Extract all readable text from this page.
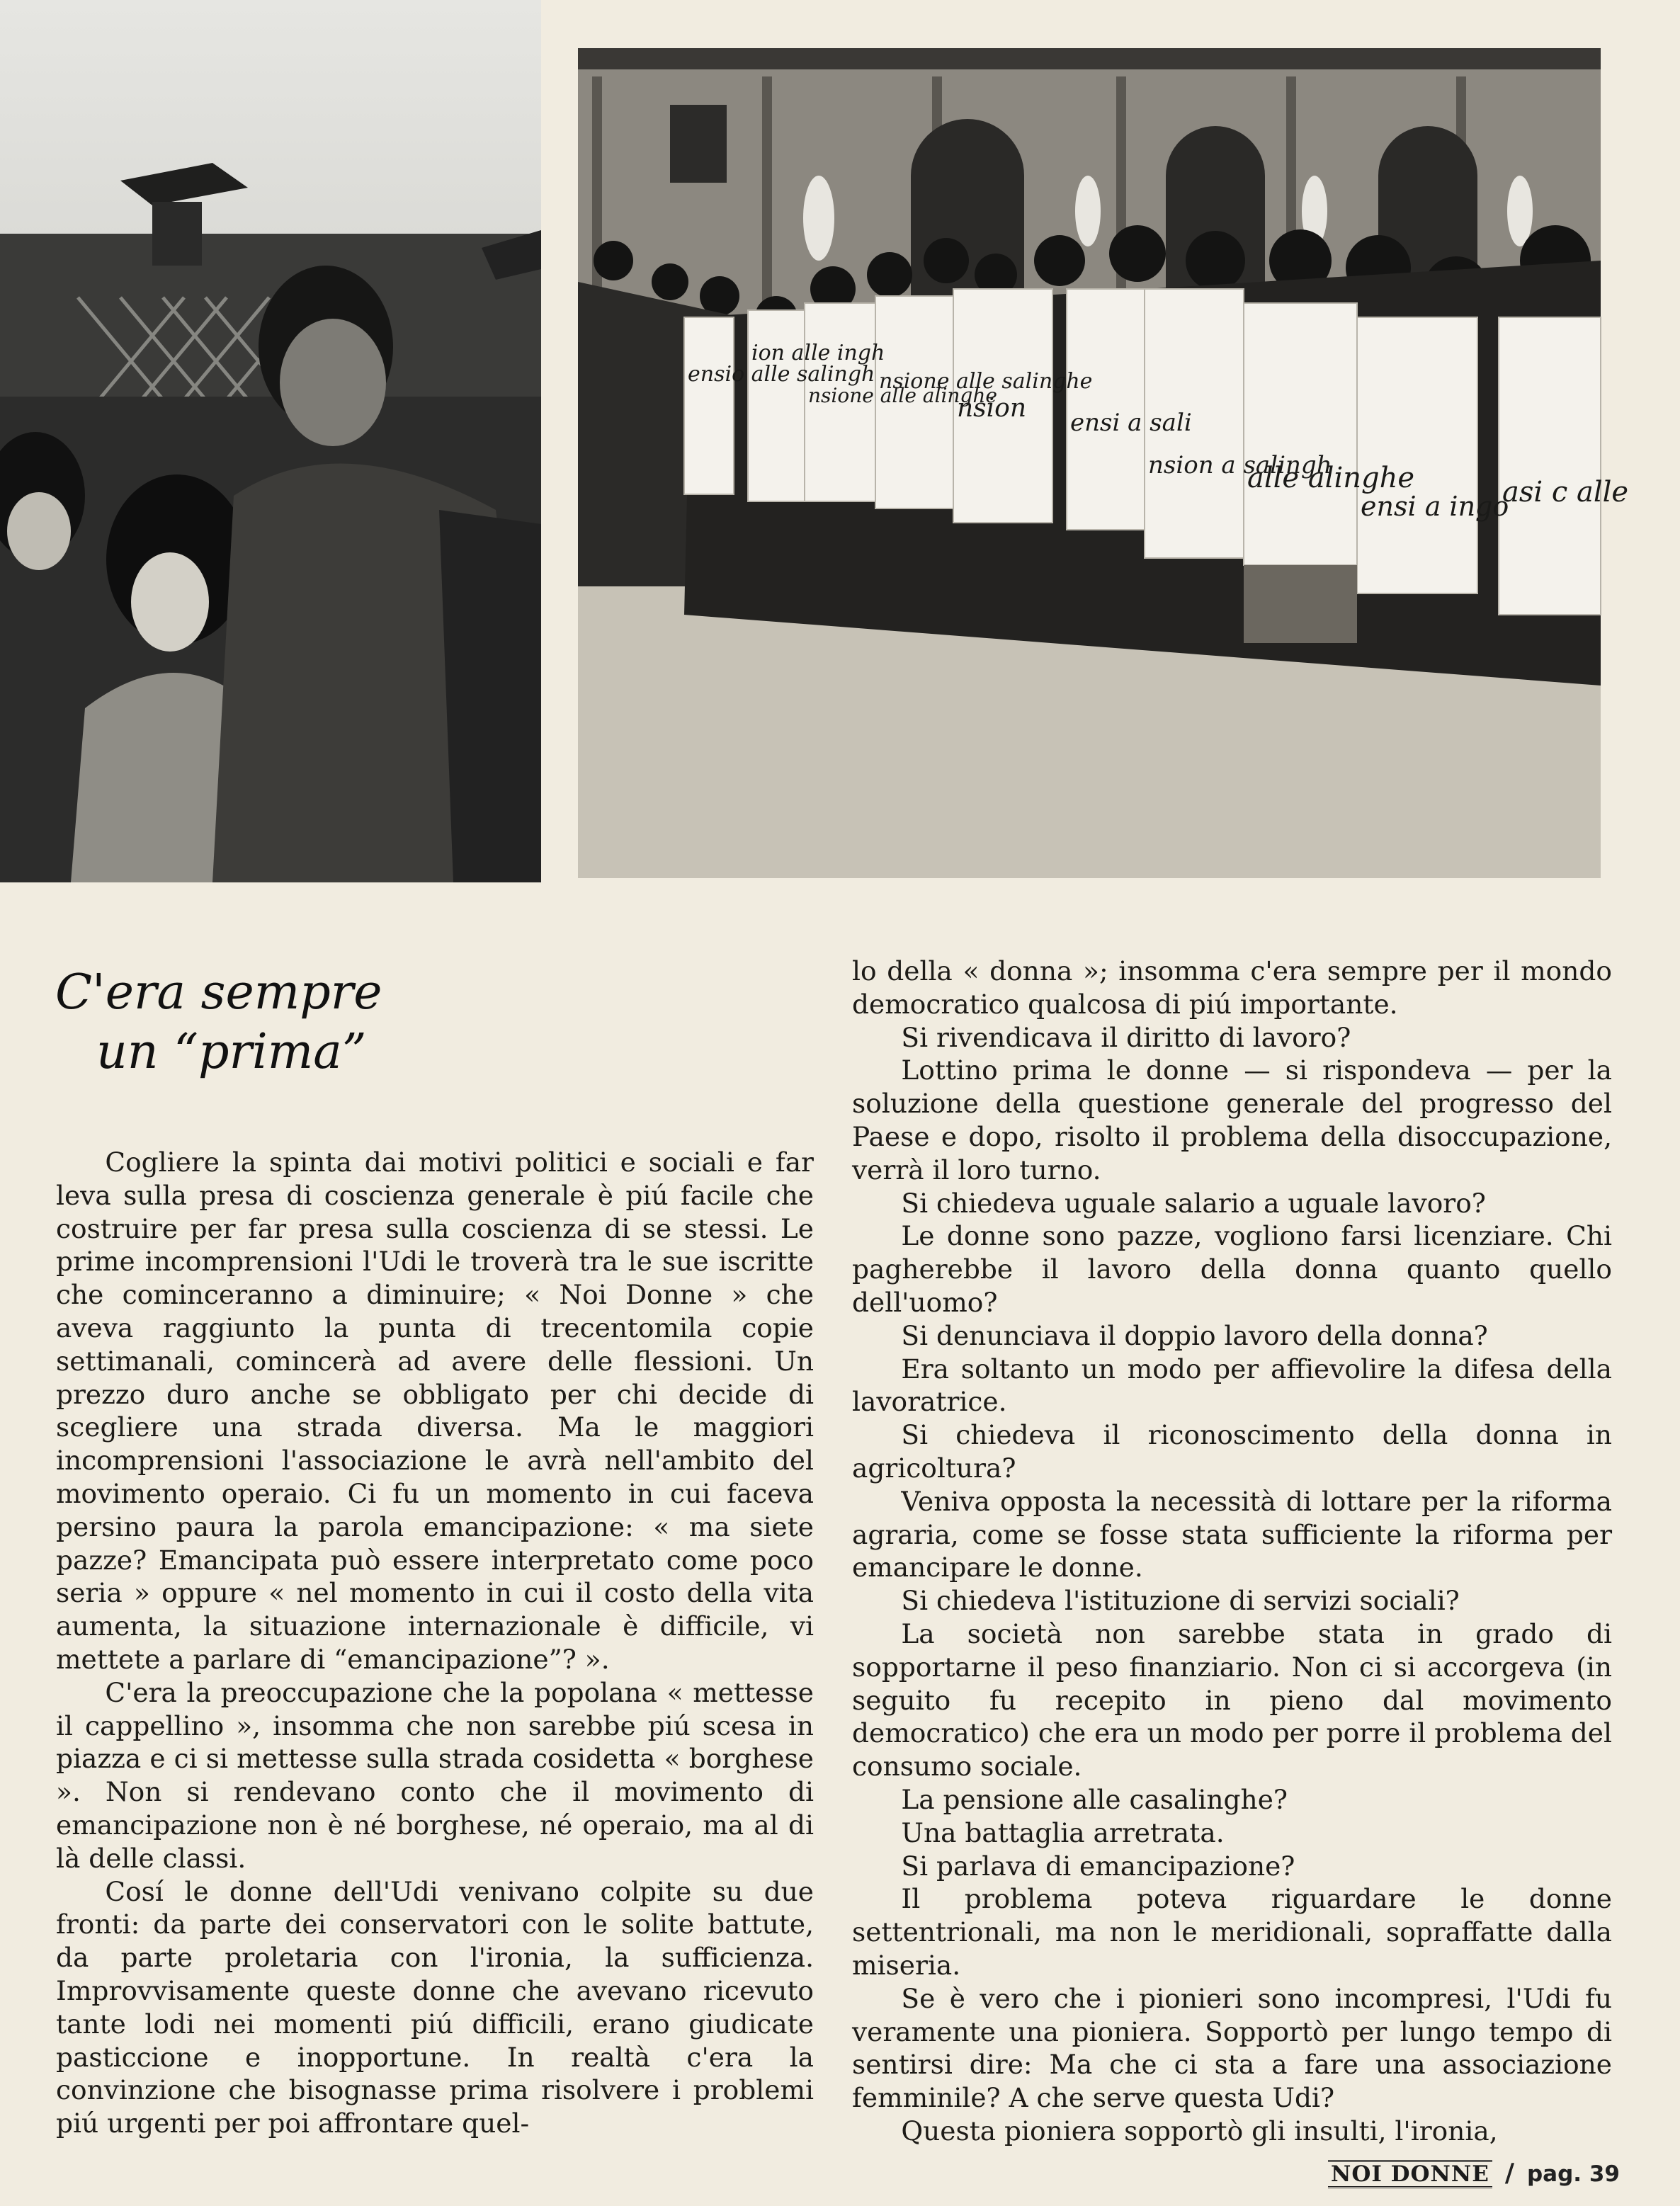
ensio alle salingh
ion alle ingh
nsione alle alinghe
nsione alle salinghe
nsion ensi a sali
nsion a salingh
alle alinghe
ensi a ingo
asi c alle
C'era sempre
un “prima”

Cogliere la spinta dai motivi politici e sociali e far leva sulla presa di coscienza generale è piú facile che costruire per far presa sulla coscienza di se stessi. Le prime incomprensioni l'Udi le troverà tra le sue iscritte che cominceranno a diminuire; « Noi Donne » che aveva raggiunto la punta di trecentomila copie settimanali, comincerà ad avere delle flessioni. Un prezzo duro anche se obbligato per chi decide di scegliere una strada diversa. Ma le maggiori incomprensioni l'associazione le avrà nell'ambito del movimento operaio. Ci fu un momento in cui faceva persino paura la parola emancipazione: « ma siete pazze? Emancipata può essere interpretato come poco seria » oppure « nel momento in cui il costo della vita aumenta, la situazione internazionale è difficile, vi mettete a parlare di “emancipazione”? ».

C'era la preoccupazione che la popolana « mettesse il cappellino », insomma che non sarebbe piú scesa in piazza e ci si mettesse sulla strada cosidetta « borghese ». Non si rendevano conto che il movimento di emancipazione non è né borghese, né operaio, ma al di là delle classi.

Cosí le donne dell'Udi venivano colpite su due fronti: da parte dei conservatori con le solite battute, da parte proletaria con l'ironia, la sufficienza. Improvvisamente queste donne che avevano ricevuto tante lodi nei momenti piú difficili, erano giudicate pasticcione e inopportune. In realtà c'era la convinzione che bisognasse prima risolvere i problemi piú urgenti per poi affrontare quel-

lo della « donna »; insomma c'era sempre per il mondo democratico qualcosa di piú importante.

Si rivendicava il diritto di lavoro?

Lottino prima le donne — si rispondeva — per la soluzione della questione generale del progresso del Paese e dopo, risolto il problema della disoccupazione, verrà il loro turno.

Si chiedeva uguale salario a uguale lavoro?

Le donne sono pazze, vogliono farsi licenziare. Chi pagherebbe il lavoro della donna quanto quello dell'uomo?

Si denunciava il doppio lavoro della donna?

Era soltanto un modo per affievolire la difesa della lavoratrice.

Si chiedeva il riconoscimento della donna in agricoltura?

Veniva opposta la necessità di lottare per la riforma agraria, come se fosse stata sufficiente la riforma per emancipare le donne.

Si chiedeva l'istituzione di servizi sociali?

La società non sarebbe stata in grado di sopportarne il peso finanziario. Non ci si accorgeva (in seguito fu recepito in pieno dal movimento democratico) che era un modo per porre il problema del consumo sociale.

La pensione alle casalinghe?

Una battaglia arretrata.

Si parlava di emancipazione?

Il problema poteva riguardare le donne settentrionali, ma non le meridionali, sopraffatte dalla miseria.

Se è vero che i pionieri sono incompresi, l'Udi fu veramente una pioniera. Sopportò per lungo tempo di sentirsi dire: Ma che ci sta a fare una associazione femminile? A che serve questa Udi?

Questa pioniera sopportò gli insulti, l'ironia,

NOI DONNE / pag. 39
